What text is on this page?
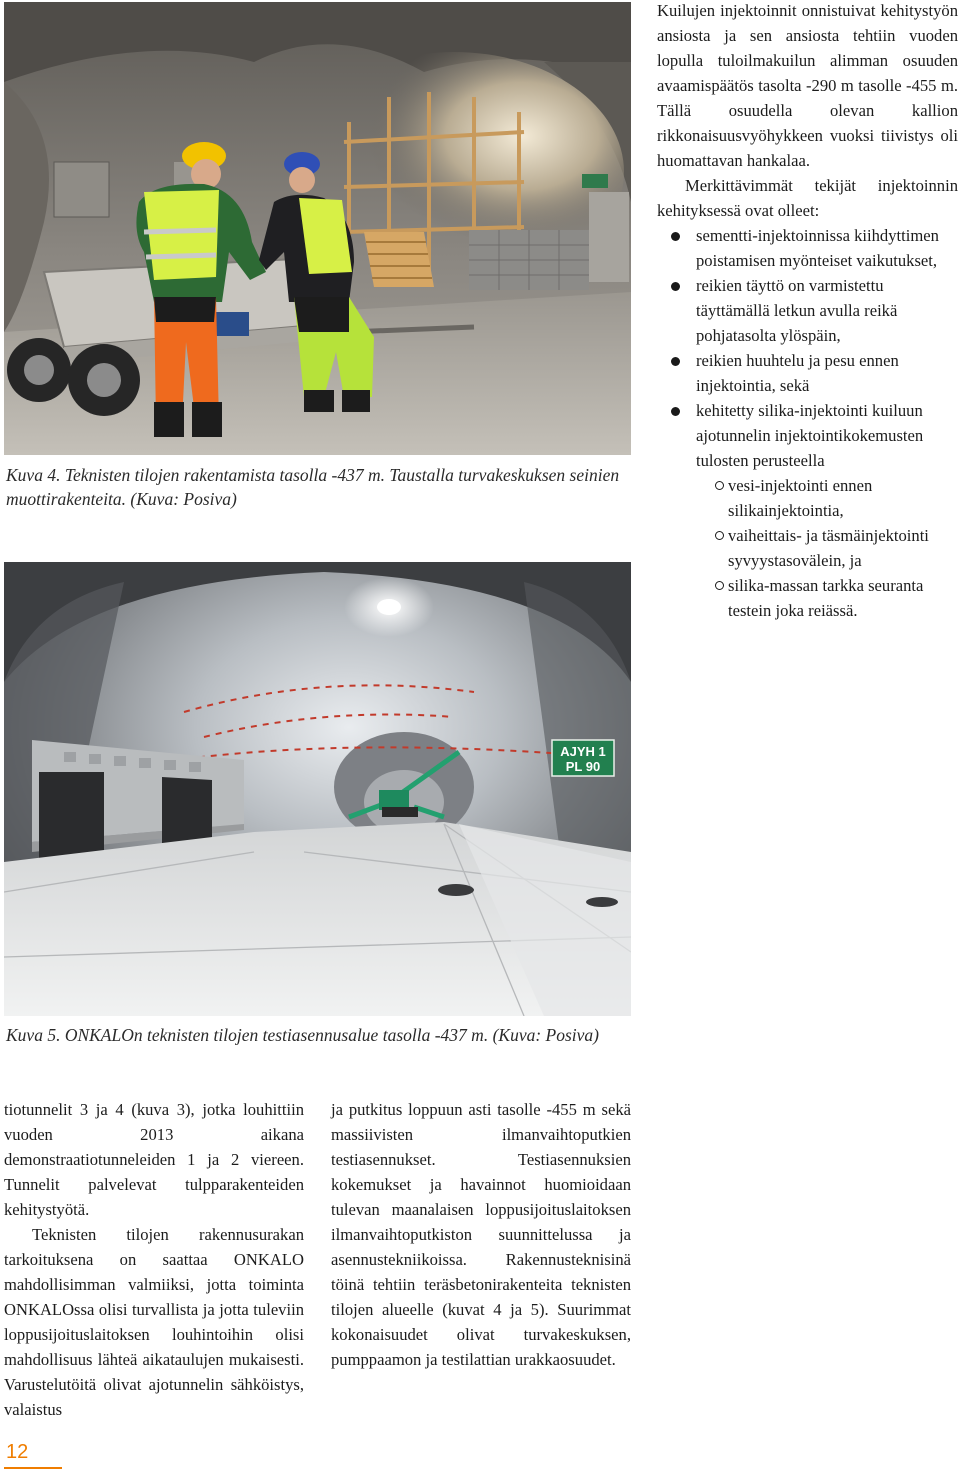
Kuva 4. Teknisten tilojen rakentamista tasolla -437 m. Taustalla turvakeskuksen seinien muottirakenteita. (Kuva: Posiva)
AJYH 1
PL 90
Kuva 5. ONKALOn teknisten tilojen testiasennusalue tasolla -437 m. (Kuva: Posiva)

Kuilujen injektoinnit onnistuivat kehitystyön ansiosta ja sen ansiosta tehtiin vuoden lopulla tuloilmakuilun alimman osuuden avaamispäätös tasolta -290 m tasolle -455 m. Tällä osuudella olevan kallion rikkonaisuusvyöhykkeen vuoksi tiivistys oli huomattavan hankalaa.

Merkittävimmät tekijät injektoinnin kehityksessä ovat olleet:

sementti-injektoinnissa kiihdyttimen poistamisen myönteiset vaikutukset,
reikien täyttö on varmistettu täyttämällä letkun avulla reikä pohjatasolta ylöspäin,
reikien huuhtelu ja pesu ennen injektointia, sekä
kehitetty silika-injektointi kuiluun ajotunnelin injektointikokemusten tulosten perusteella
vesi-injektointi ennen silikainjektointia,
vaiheittais- ja täsmäinjektointi syvyystasovälein, ja
silika-massan tarkka seuranta testein joka reiässä.

tiotunnelit 3 ja 4 (kuva 3), jotka louhittiin vuoden 2013 aikana demonstraatiotunneleiden 1 ja 2 viereen. Tunnelit palvelevat tulpparakenteiden kehitystyötä.

Teknisten tilojen rakennusurakan tarkoituksena on saattaa ONKALO mahdollisimman valmiiksi, jotta toiminta ONKALOssa olisi turvallista ja jotta tuleviin loppusijoituslaitoksen louhintoihin olisi mahdollisuus lähteä aikataulujen mukaisesti. Varustelutöitä olivat ajotunnelin sähköistys, valaistus

ja putkitus loppuun asti tasolle -455 m sekä massiivisten ilmanvaihtoputkien testiasennukset. Testiasennuksien kokemukset ja havainnot huomioidaan tulevan maanalaisen loppusijoituslaitoksen ilmanvaihtoputkiston suunnittelussa ja asennustekniikoissa. Rakennusteknisinä töinä tehtiin teräsbetonirakenteita teknisten tilojen alueelle (kuvat 4 ja 5). Suurimmat kokonaisuudet olivat turvakeskuksen, pumppaamon ja testilattian urakkaosuudet.

12
